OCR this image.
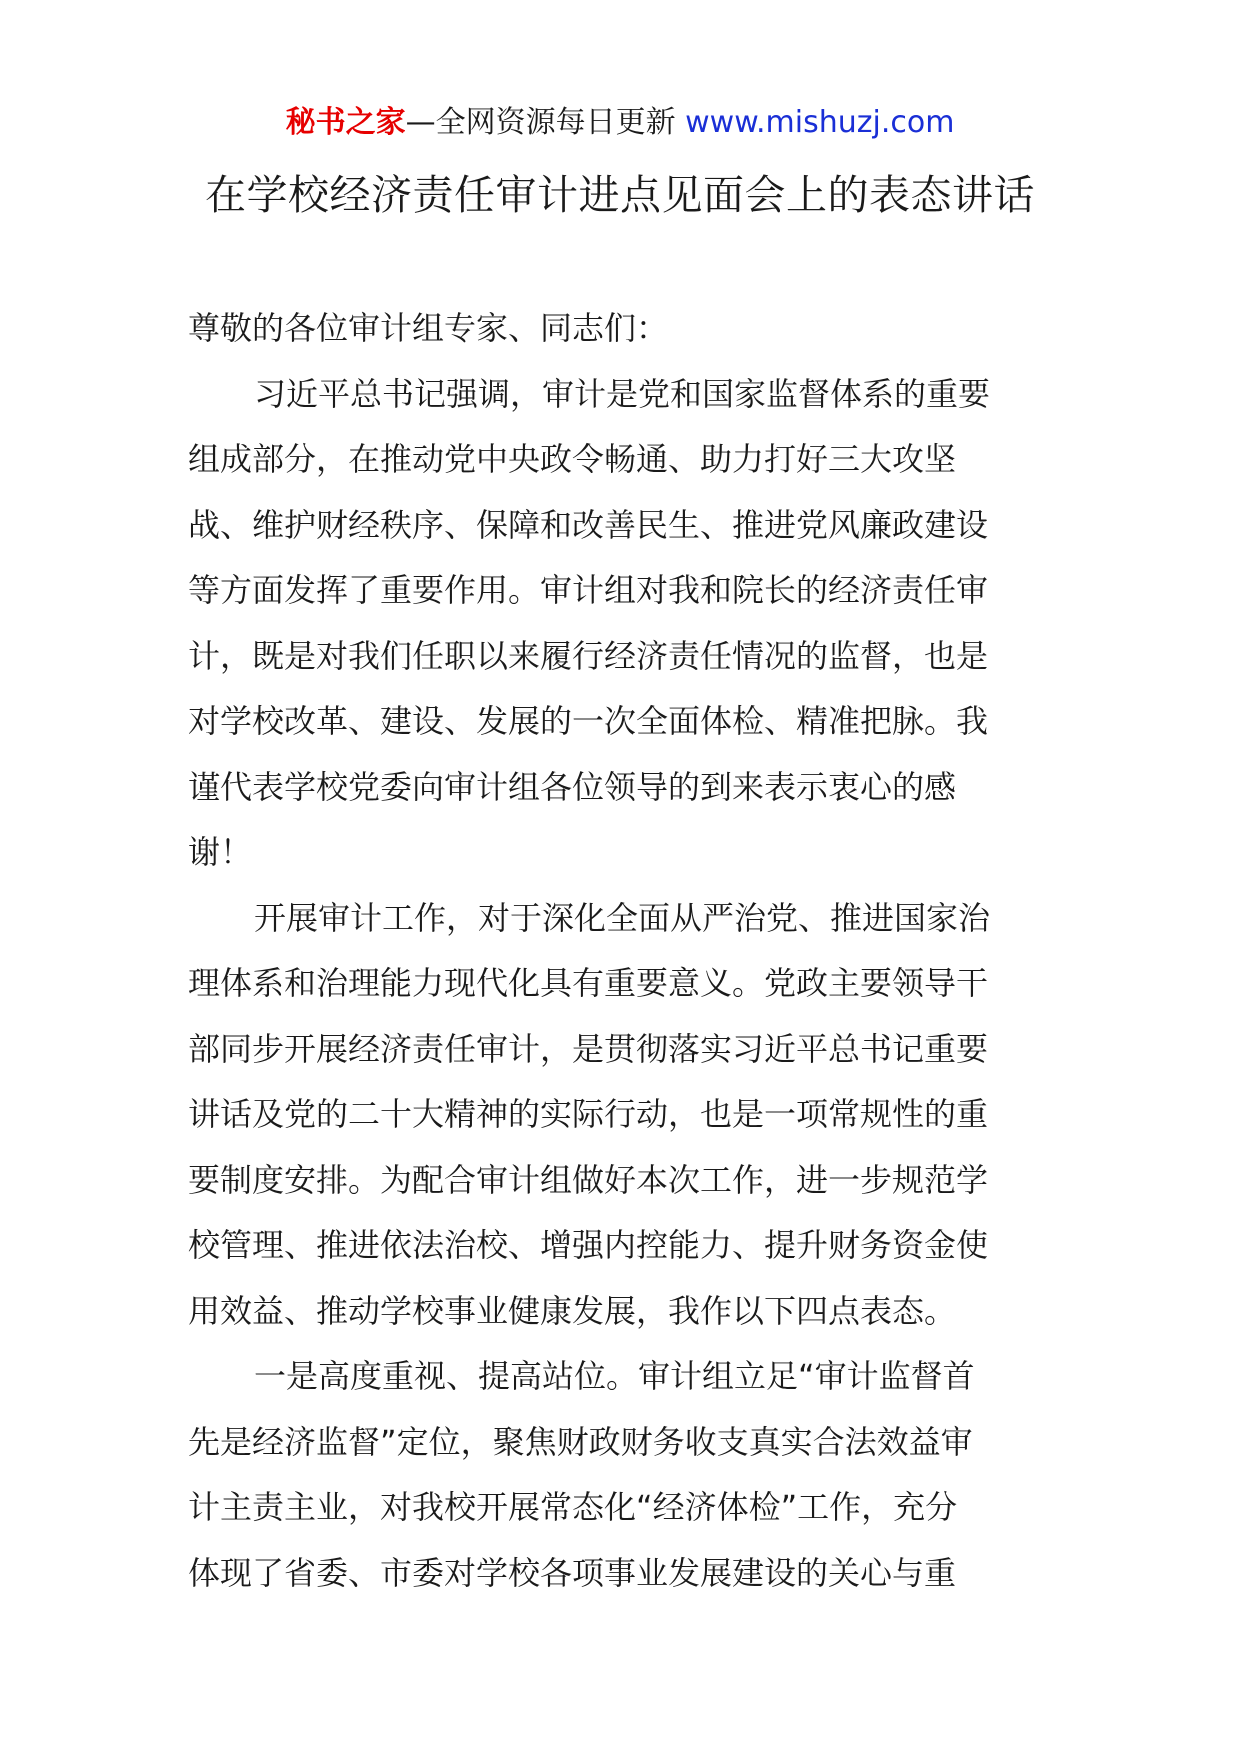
秘书之家—全网资源每日更新 www.mishuzj.com
在学校经济责任审计进点见面会上的表态讲话
尊敬的各位审计组专家、同志们：
习近平总书记强调，审计是党和国家监督体系的重要
组成部分，在推动党中央政令畅通、助力打好三大攻坚
战、维护财经秩序、保障和改善民生、推进党风廉政建设
等方面发挥了重要作用。审计组对我和院长的经济责任审
计，既是对我们任职以来履行经济责任情况的监督，也是
对学校改革、建设、发展的一次全面体检、精准把脉。我
谨代表学校党委向审计组各位领导的到来表示衷心的感
谢！
开展审计工作，对于深化全面从严治党、推进国家治
理体系和治理能力现代化具有重要意义。党政主要领导干
部同步开展经济责任审计，是贯彻落实习近平总书记重要
讲话及党的二十大精神的实际行动，也是一项常规性的重
要制度安排。为配合审计组做好本次工作，进一步规范学
校管理、推进依法治校、增强内控能力、提升财务资金使
用效益、推动学校事业健康发展，我作以下四点表态。
一是高度重视、提高站位。审计组立足“审计监督首
先是经济监督”定位，聚焦财政财务收支真实合法效益审
计主责主业，对我校开展常态化“经济体检”工作，充分
体现了省委、市委对学校各项事业发展建设的关心与重
